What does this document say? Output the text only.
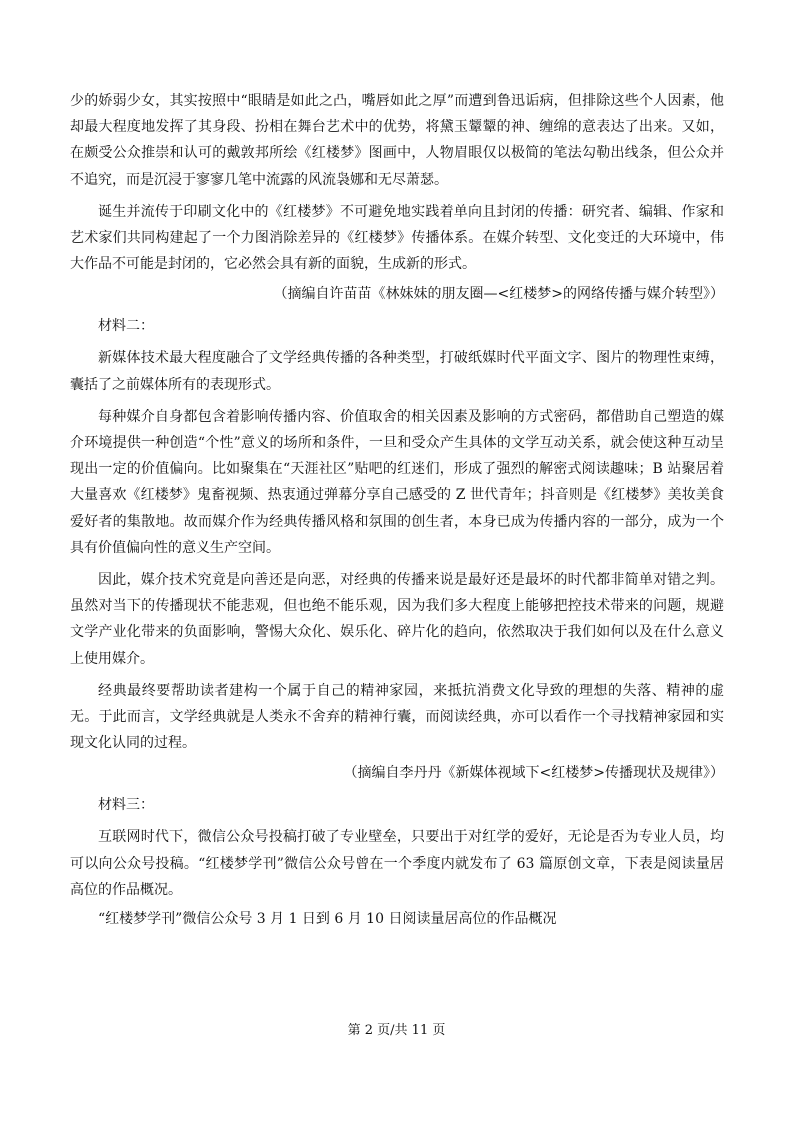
少的娇弱少女，其实按照中“眼睛是如此之凸，嘴唇如此之厚”而遭到鲁迅诟病，但排除这些个人因素，他却最大程度地发挥了其身段、扮相在舞台艺术中的优势，将黛玉颦颦的神、缠绵的意表达了出来。又如，在颇受公众推崇和认可的戴敦邦所绘《红楼梦》图画中，人物眉眼仅以极简的笔法勾勒出线条，但公众并不追究，而是沉浸于寥寥几笔中流露的风流袅娜和无尽萧瑟。

诞生并流传于印刷文化中的《红楼梦》不可避免地实践着单向且封闭的传播：研究者、编辑、作家和艺术家们共同构建起了一个力图消除差异的《红楼梦》传播体系。在媒介转型、文化变迁的大环境中，伟大作品不可能是封闭的，它必然会具有新的面貌，生成新的形式。

（摘编自许苗苗《林妹妹的朋友圈—<红楼梦>的网络传播与媒介转型》）

材料二：

新媒体技术最大程度融合了文学经典传播的各种类型，打破纸媒时代平面文字、图片的物理性束缚，囊括了之前媒体所有的表现形式。

每种媒介自身都包含着影响传播内容、价值取舍的相关因素及影响的方式密码，都借助自己塑造的媒介环境提供一种创造“个性”意义的场所和条件，一旦和受众产生具体的文学互动关系，就会使这种互动呈现出一定的价值偏向。比如聚集在“天涯社区”贴吧的红迷们，形成了强烈的解密式阅读趣味；B 站聚居着大量喜欢《红楼梦》鬼畜视频、热衷通过弹幕分享自己感受的 Z 世代青年；抖音则是《红楼梦》美妆美食爱好者的集散地。故而媒介作为经典传播风格和氛围的创生者，本身已成为传播内容的一部分，成为一个具有价值偏向性的意义生产空间。

因此，媒介技术究竟是向善还是向恶，对经典的传播来说是最好还是最坏的时代都非简单对错之判。虽然对当下的传播现状不能悲观，但也绝不能乐观，因为我们多大程度上能够把控技术带来的问题，规避文学产业化带来的负面影响，警惕大众化、娱乐化、碎片化的趋向，依然取决于我们如何以及在什么意义上使用媒介。

经典最终要帮助读者建构一个属于自己的精神家园，来抵抗消费文化导致的理想的失落、精神的虚无。于此而言，文学经典就是人类永不舍弃的精神行囊，而阅读经典，亦可以看作一个寻找精神家园和实现文化认同的过程。

（摘编自李丹丹《新媒体视域下<红楼梦>传播现状及规律》）

材料三：

互联网时代下，微信公众号投稿打破了专业壁垒，只要出于对红学的爱好，无论是否为专业人员，均可以向公众号投稿。“红楼梦学刊”微信公众号曾在一个季度内就发布了 63 篇原创文章，下表是阅读量居高位的作品概况。

“红楼梦学刊”微信公众号 3 月 1 日到 6 月 10 日阅读量居高位的作品概况

第 2 页/共 11 页
